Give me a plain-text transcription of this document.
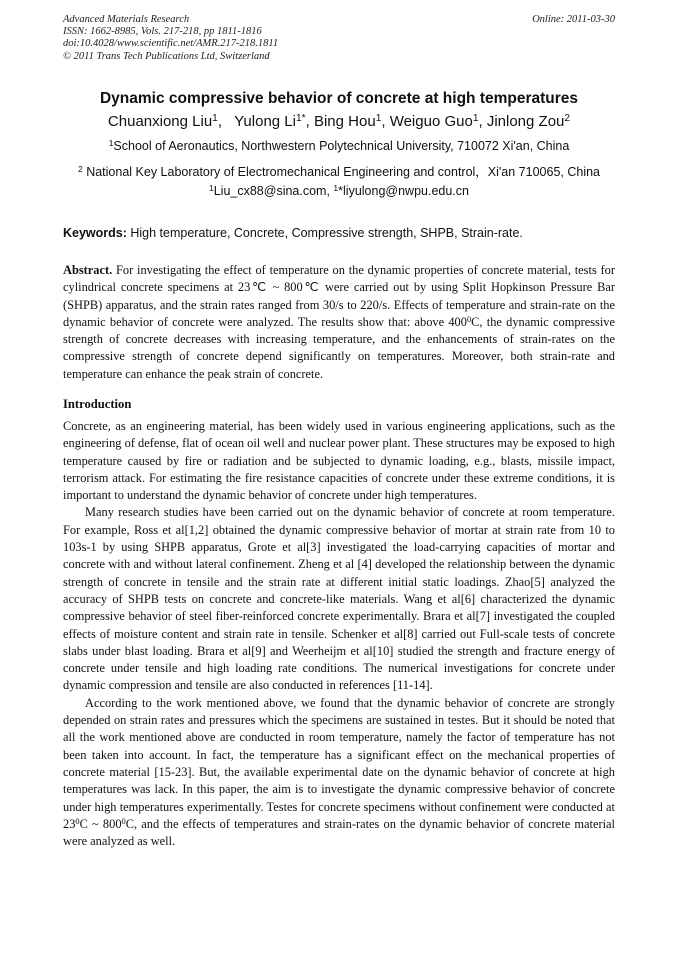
Advanced Materials Research
ISSN: 1662-8985, Vols. 217-218, pp 1811-1816
doi:10.4028/www.scientific.net/AMR.217-218.1811
© 2011 Trans Tech Publications Ltd, Switzerland
Online: 2011-03-30
Dynamic compressive behavior of concrete at high temperatures
Chuanxiong Liu$^1$,   Yulong $Li^{1*}$, Bing Hou$^1$, Weiguo Guo$^1$, Jinlong Zou$^2$
$^1$School of Aeronautics, Northwestern Polytechnical University, 710072 Xi'an, China
$^2$ National Key Laboratory of Electromechanical Engineering and control，Xi'an 710065, China
$^1$Liu_cx88@sina.com, $^1$*liyulong@nwpu.edu.cn
Keywords: High temperature, Concrete, Compressive strength, SHPB, Strain-rate.

Abstract. For investigating the effect of temperature on the dynamic properties of concrete material, tests for cylindrical concrete specimens at 23℃ ~ 800℃ were carried out by using Split Hopkinson Pressure Bar (SHPB) apparatus, and the strain rates ranged from 30/s to 220/s. Effects of temperature and strain-rate on the dynamic behavior of concrete were analyzed. The results show that: above $400^0C$, the dynamic compressive strength of concrete decreases with increasing temperature, and the enhancements of strain-rates on the compressive strength of concrete depend significantly on temperatures. Moreover, both strain-rate and temperature can enhance the peak strain of concrete.

Introduction

Concrete, as an engineering material, has been widely used in various engineering applications, such as the engineering of defense, flat of ocean oil well and nuclear power plant. These structures may be exposed to high temperature caused by fire or radiation and be subjected to dynamic loading, e.g., blasts, missile impact, terrorism attack. For estimating the fire resistance capacities of concrete under these extreme conditions, it is important to understand the dynamic behavior of concrete under high temperatures.

Many research studies have been carried out on the dynamic behavior of concrete at room temperature. For example, Ross et al[1,2] obtained the dynamic compressive behavior of mortar at strain rate from 10 to 103s-1 by using SHPB apparatus, Grote et al[3] investigated the load-carrying capacities of mortar and concrete with and without lateral confinement. Zheng et al [4] developed the relationship between the dynamic strength of concrete in tensile and the strain rate at different initial static loadings. Zhao[5] analyzed the accuracy of SHPB tests on concrete and concrete-like materials. Wang et al[6] characterized the dynamic compressive behavior of steel fiber-reinforced concrete experimentally. Brara et al[7] investigated the coupled effects of moisture content and strain rate in tensile. Schenker et al[8] carried out Full-scale tests of concrete slabs under blast loading. Brara et al[9] and Weerheijm et al[10] studied the strength and fracture energy of concrete under tensile and high loading rate conditions. The numerical investigations for concrete under dynamic compression and tensile are also conducted in references [11-14].

According to the work mentioned above, we found that the dynamic behavior of concrete are strongly depended on strain rates and pressures which the specimens are sustained in testes. But it should be noted that all the work mentioned above are conducted in room temperature, namely the factor of temperature has not been taken into account. In fact, the temperature has a significant effect on the mechanical properties of concrete material [15-23]. But, the available experimental date on the dynamic behavior of concrete at high temperatures was lack. In this paper, the aim is to investigate the dynamic compressive behavior of concrete under high temperatures experimentally. Testes for concrete specimens without confinement were conducted at $23^0C$ ~ $800^0C$, and the effects of temperatures and strain-rates on the dynamic behavior of concrete material were analyzed as well.
